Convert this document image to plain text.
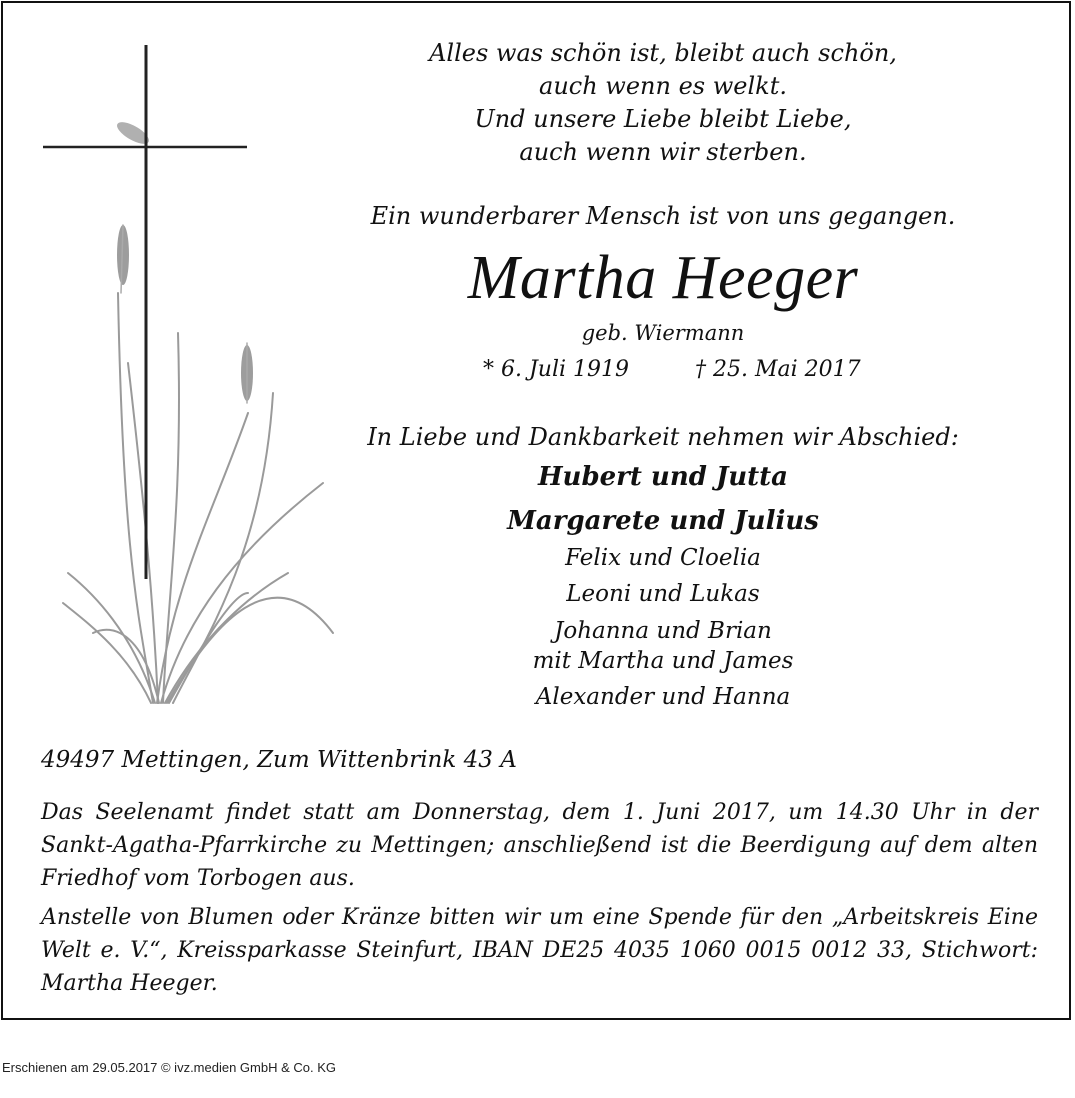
Alles was schön ist, bleibt auch schön,
auch wenn es welkt.
Und unsere Liebe bleibt Liebe,
auch wenn wir sterben.
Ein wunderbarer Mensch ist von uns gegangen.
Martha Heeger
geb. Wiermann
* 6. Juli 1919	† 25. Mai 2017
In Liebe und Dankbarkeit nehmen wir Abschied:
Hubert und Jutta
Margarete und Julius
Felix und Cloelia
Leoni und Lukas
Johanna und Brian
mit Martha und James
Alexander und Hanna
49497 Mettingen, Zum Wittenbrink 43 A
Das Seelenamt findet statt am Donnerstag, dem 1. Juni 2017, um 14.30 Uhr in der Sankt-Agatha-Pfarrkirche zu Mettingen; anschließend ist die Beerdigung auf dem alten Friedhof vom Torbogen aus.
Anstelle von Blumen oder Kränze bitten wir um eine Spende für den „Arbeitskreis Eine Welt e. V.“, Kreissparkasse Steinfurt, IBAN DE25 4035 1060 0015 0012 33, Stichwort: Martha Heeger.
Erschienen am 29.05.2017 © ivz.medien GmbH & Co. KG
